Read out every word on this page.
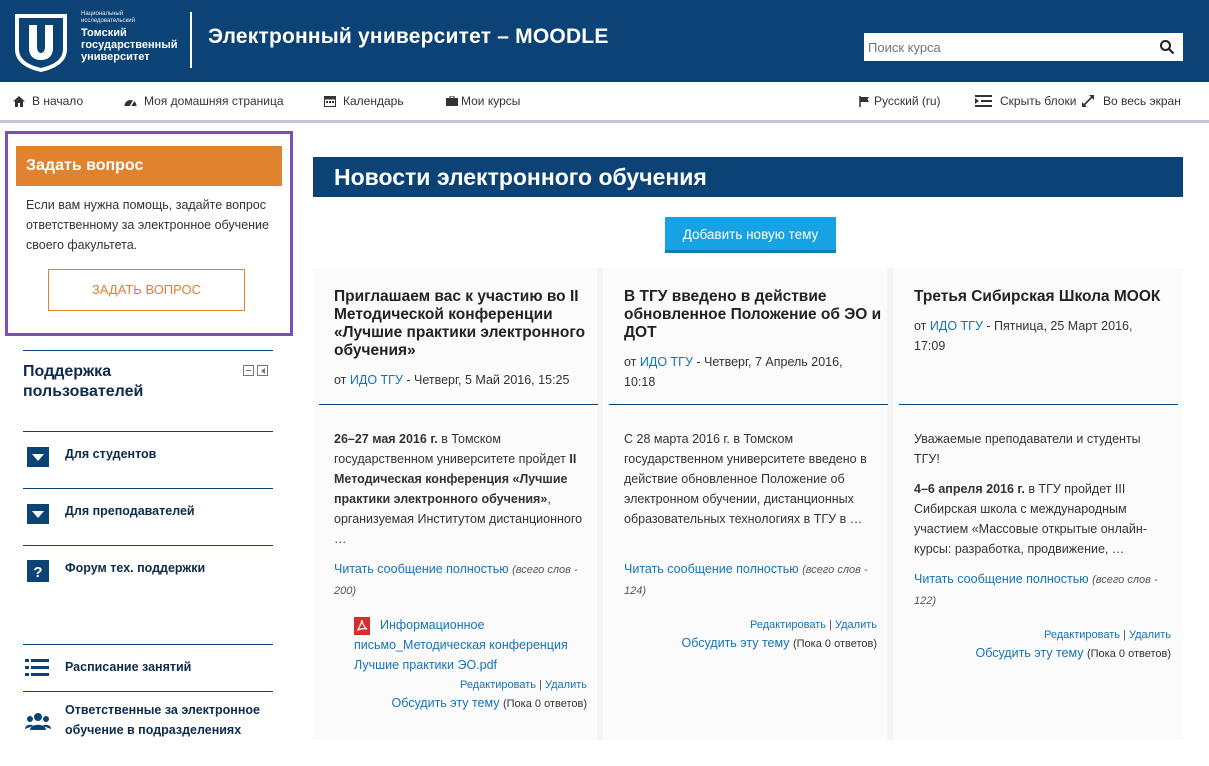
Национальный
исследовательский
Томский
государственный
университет
Электронный университет – MOODLE
Поиск курса
В начало	Моя домашняя страница	Календарь	Мои курсы	Русский (ru)	Скрыть блоки Во весь экран
Задать вопрос
Если вам нужна помощь, задайте вопрос ответственному за электронное обучение своего факультета.
ЗАДАТЬ ВОПРОС
Поддержка пользователей
Для студентов
Для преподавателей
? Форум тех. поддержки
Расписание занятий
Ответственные за электронное
обучение в подразделениях
Новости электронного обучения
Добавить новую тему
Приглашаем вас к участию во II Методической конференции «Лучшие практики электронного обучения»
от ИДО ТГУ - Четверг, 5 Май 2016, 15:25
26–27 мая 2016 г. в Томском государственном университете пройдет II Методическая конференция «Лучшие практики электронного обучения», организуемая Институтом дистанционного …
Читать сообщение полностью (всего слов - 200)
Информационное письмо_Методическая конференция Лучшие практики ЭО.pdf
Редактировать | Удалить
Обсудить эту тему (Пока 0 ответов)
В ТГУ введено в действие обновленное Положение об ЭО и ДОТ
от ИДО ТГУ - Четверг, 7 Апрель 2016, 10:18
С 28 марта 2016 г. в Томском государственном университете введено в действие обновленное Положение об электронном обучении, дистанционных образовательных технологиях в ТГУ в …
Читать сообщение полностью (всего слов - 124)
Редактировать | Удалить
Обсудить эту тему (Пока 0 ответов)
Третья Сибирская Школа МООК
от ИДО ТГУ - Пятница, 25 Март 2016, 17:09
Уважаемые преподаватели и студенты ТГУ!

4–6 апреля 2016 г. в ТГУ пройдет III Сибирская школа с международным участием «Массовые открытые онлайн-курсы: разработка, продвижение, …
Читать сообщение полностью (всего слов - 122)
Редактировать | Удалить
Обсудить эту тему (Пока 0 ответов)
